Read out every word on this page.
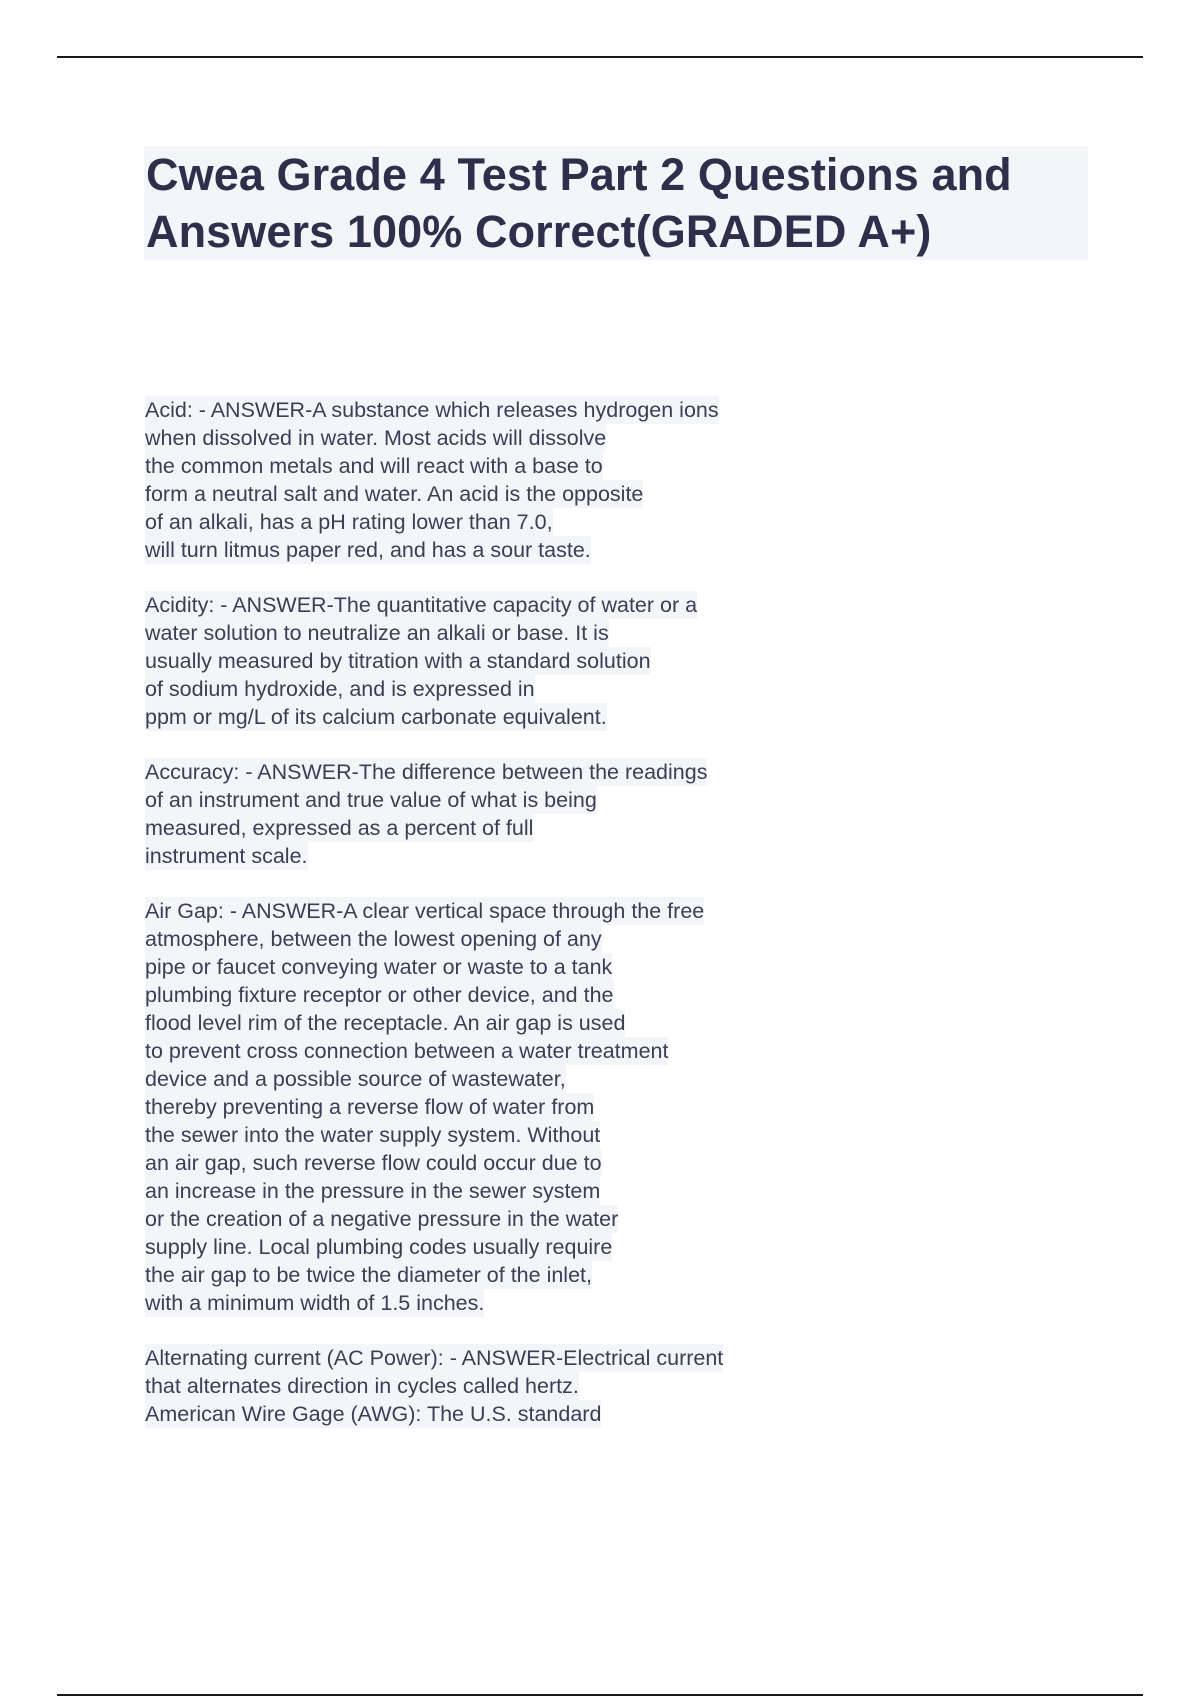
Cwea Grade 4 Test Part 2 Questions and
Answers 100% Correct(GRADED A+)
Acid: - ANSWER-A substance which releases hydrogen ions
when dissolved in water. Most acids will dissolve
the common metals and will react with a base to
form a neutral salt and water. An acid is the opposite
of an alkali, has a pH rating lower than 7.0,
will turn litmus paper red, and has a sour taste.
Acidity: - ANSWER-The quantitative capacity of water or a
water solution to neutralize an alkali or base. It is
usually measured by titration with a standard solution
of sodium hydroxide, and is expressed in
ppm or mg/L of its calcium carbonate equivalent.
Accuracy: - ANSWER-The difference between the readings
of an instrument and true value of what is being
measured, expressed as a percent of full
instrument scale.
Air Gap: - ANSWER-A clear vertical space through the free
atmosphere, between the lowest opening of any
pipe or faucet conveying water or waste to a tank
plumbing fixture receptor or other device, and the
flood level rim of the receptacle. An air gap is used
to prevent cross connection between a water treatment
device and a possible source of wastewater,
thereby preventing a reverse flow of water from
the sewer into the water supply system. Without
an air gap, such reverse flow could occur due to
an increase in the pressure in the sewer system
or the creation of a negative pressure in the water
supply line. Local plumbing codes usually require
the air gap to be twice the diameter of the inlet,
with a minimum width of 1.5 inches.
Alternating current (AC Power): - ANSWER-Electrical current
that alternates direction in cycles called hertz.
American Wire Gage (AWG): The U.S. standard
